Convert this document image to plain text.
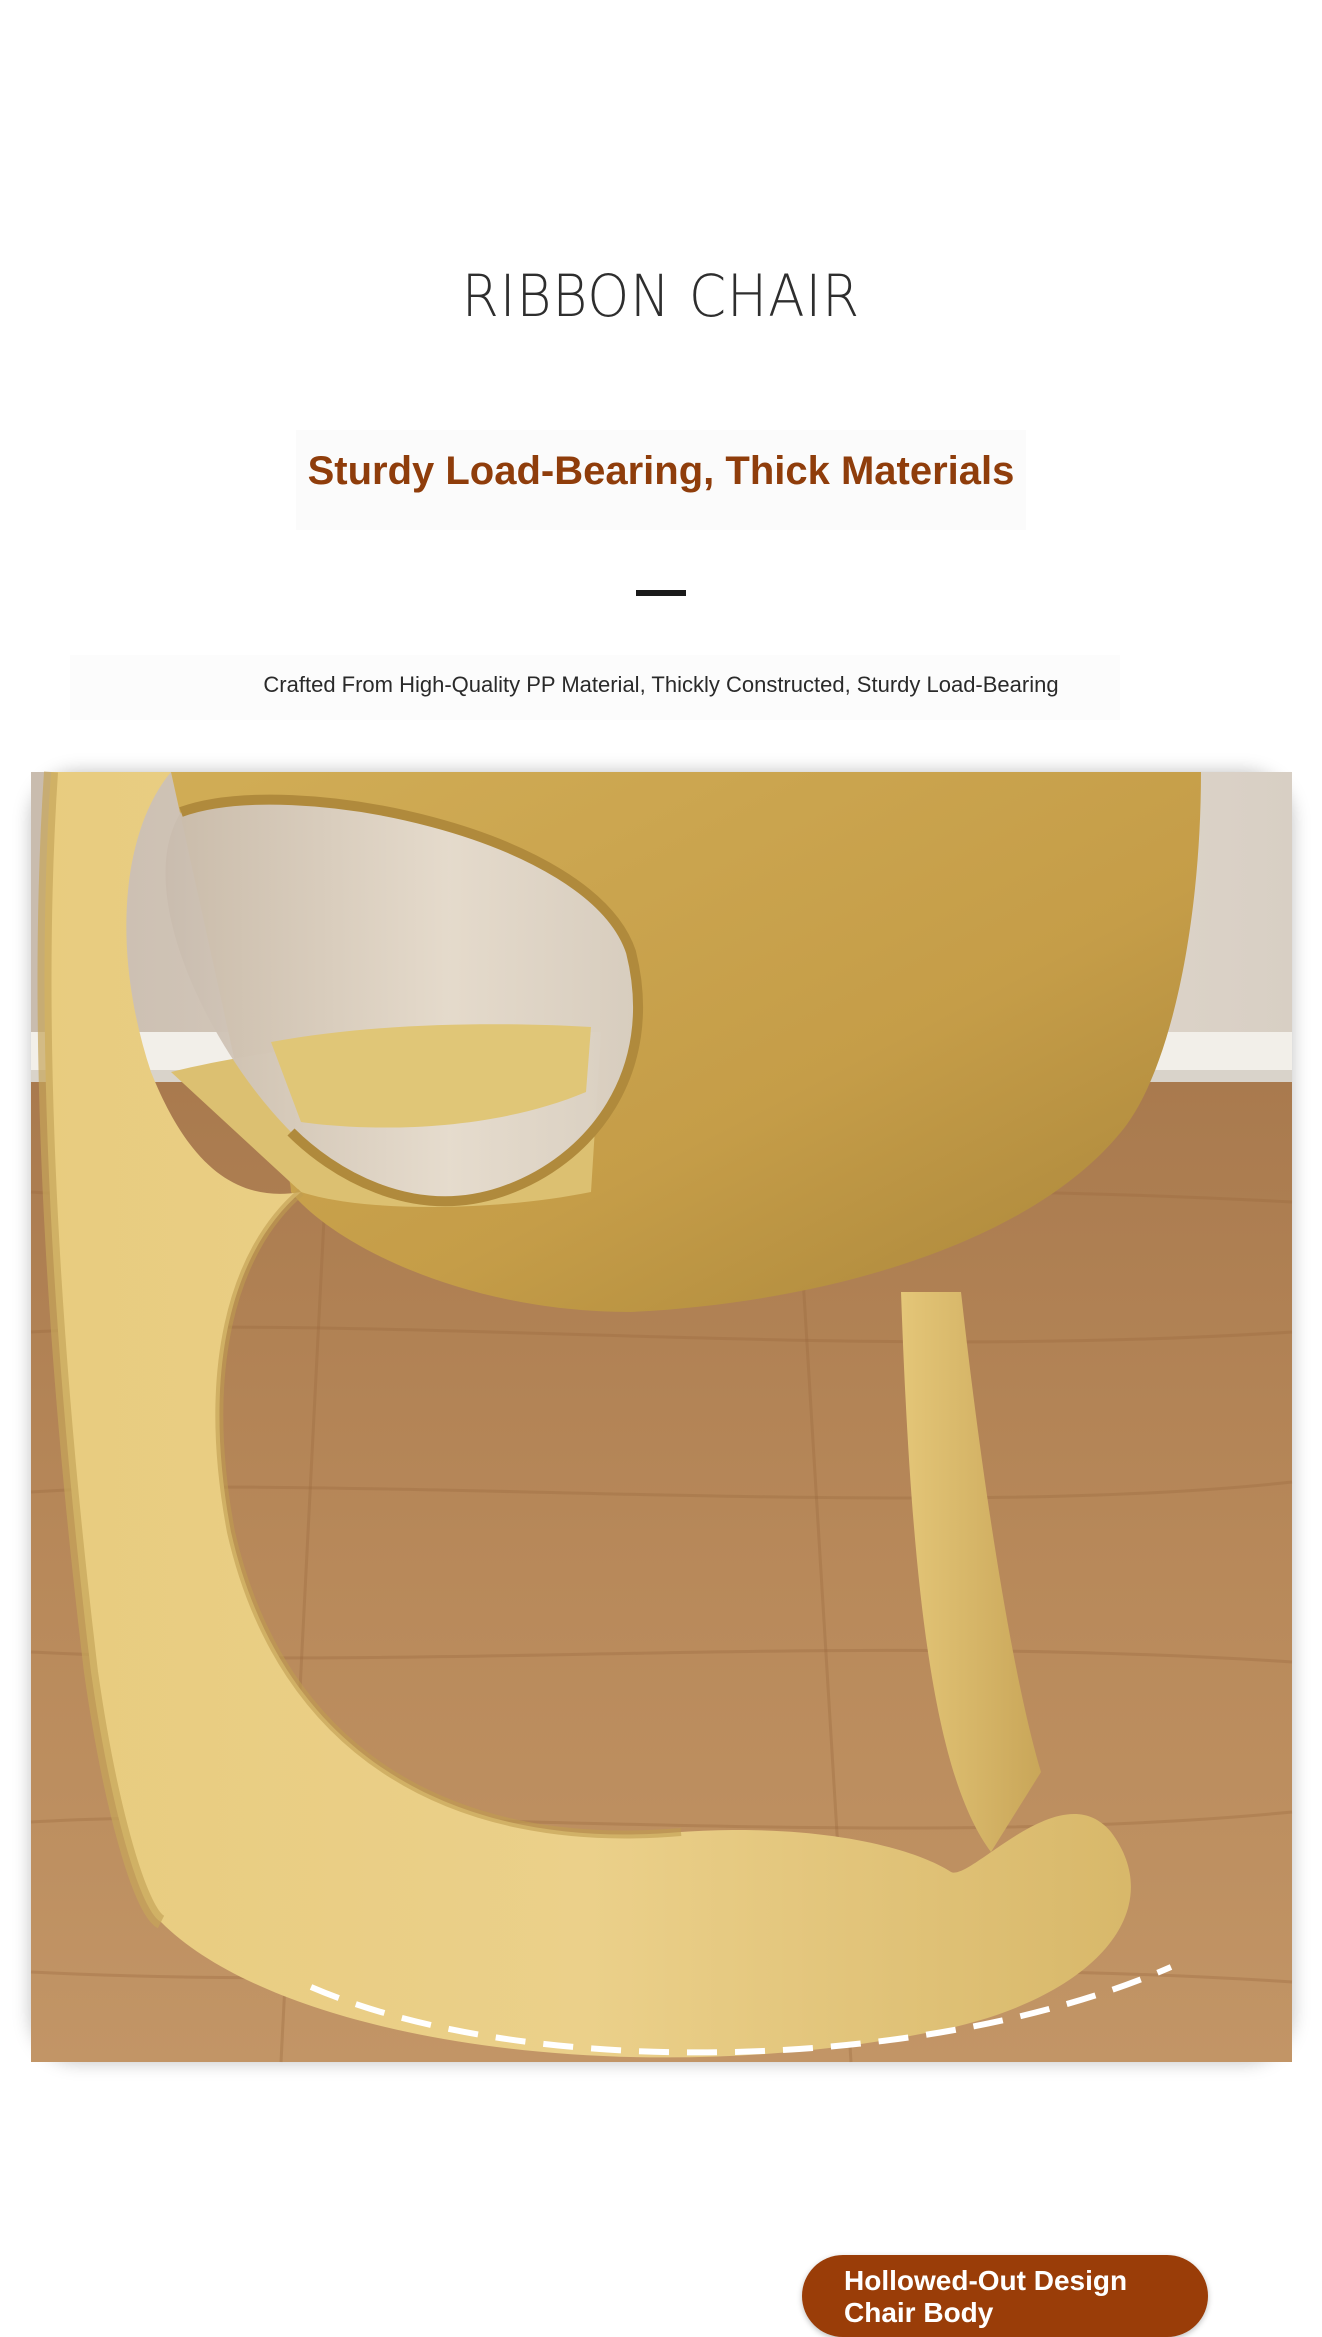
RIBBON CHAIR
Sturdy Load-Bearing, Thick Materials
Crafted From High-Quality PP Material, Thickly Constructed, Sturdy Load-Bearing
Hollowed-Out Design
Chair Body
